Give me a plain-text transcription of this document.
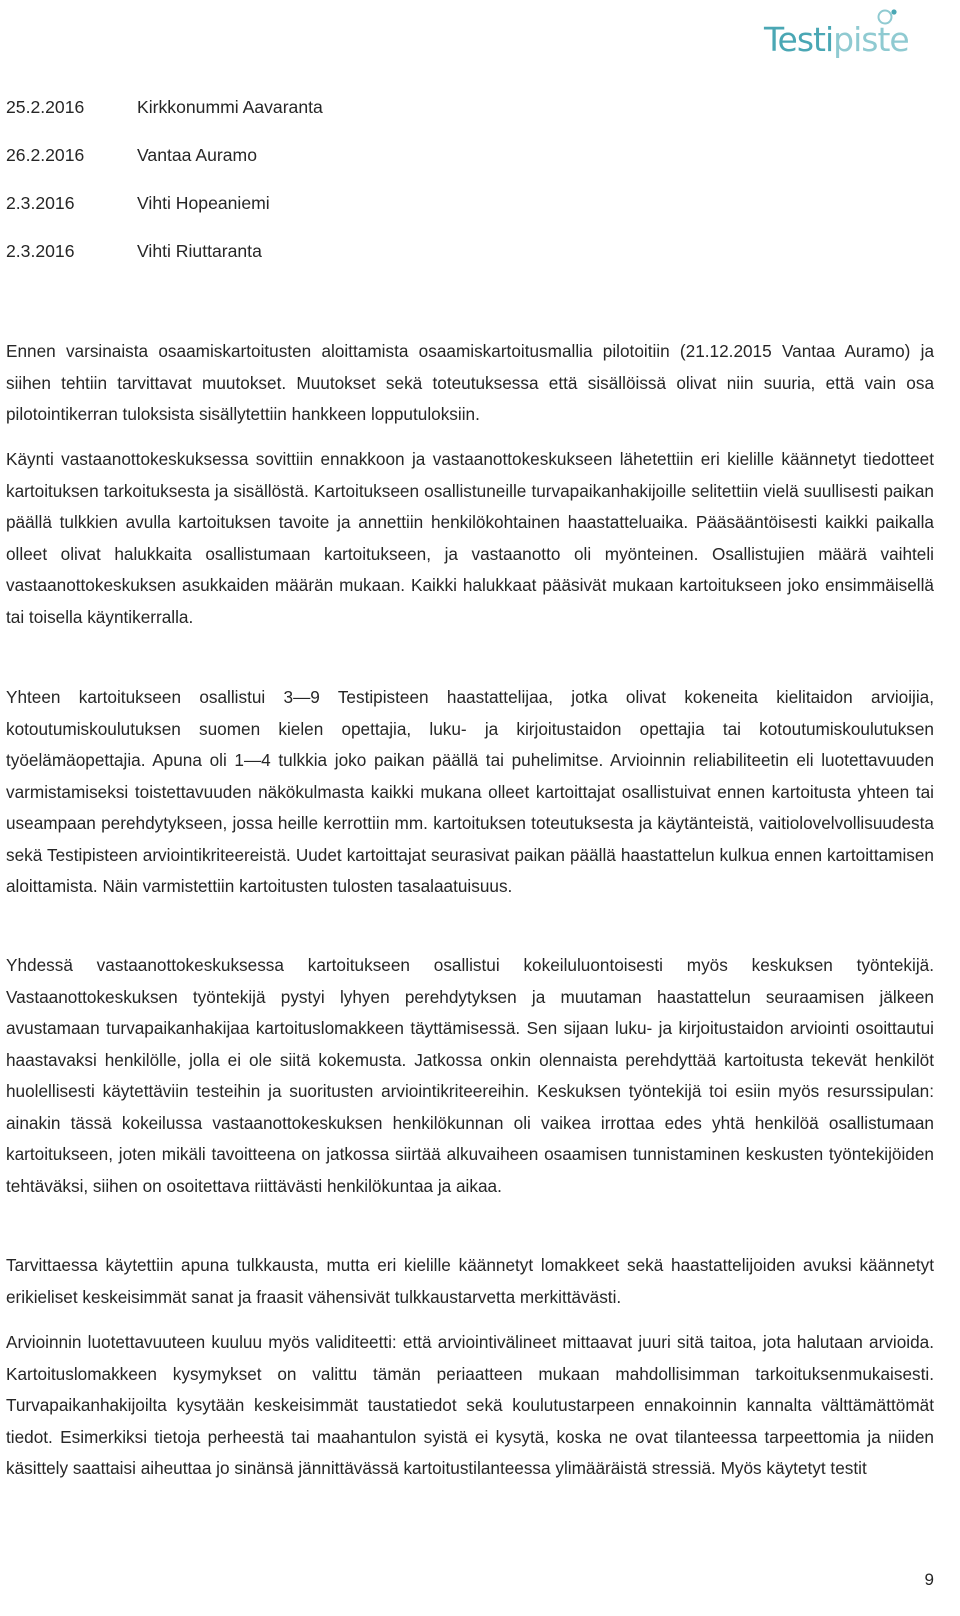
Testipiste
25.2.2016	Kirkkonummi Aavaranta
26.2.2016	Vantaa Auramo
2.3.2016	Vihti Hopeaniemi
2.3.2016	Vihti Riuttaranta

Ennen varsinaista osaamiskartoitusten aloittamista osaamiskartoitusmallia pilotoitiin (21.12.2015 Vantaa Auramo) ja siihen tehtiin tarvittavat muutokset. Muutokset sekä toteutuksessa että sisällöissä olivat niin suuria, että vain osa pilotointikerran tuloksista sisällytettiin hankkeen lopputuloksiin.

Käynti vastaanottokeskuksessa sovittiin ennakkoon ja vastaanottokeskukseen lähetettiin eri kielille käännetyt tiedotteet kartoituksen tarkoituksesta ja sisällöstä. Kartoitukseen osallistuneille turvapaikanhakijoille selitettiin vielä suullisesti paikan päällä tulkkien avulla kartoituksen tavoite ja annettiin henkilökohtainen haastatteluaika. Pääsääntöisesti kaikki paikalla olleet olivat halukkaita osallistumaan kartoitukseen, ja vastaanotto oli myönteinen. Osallistujien määrä vaihteli vastaanottokeskuksen asukkaiden määrän mukaan. Kaikki halukkaat pääsivät mukaan kartoitukseen joko ensimmäisellä tai toisella käyntikerralla.

Yhteen kartoitukseen osallistui 3—9 Testipisteen haastattelijaa, jotka olivat kokeneita kielitaidon arvioijia, kotoutumiskoulutuksen suomen kielen opettajia, luku- ja kirjoitustaidon opettajia tai kotoutumiskoulutuksen työelämäopettajia. Apuna oli 1—4 tulkkia joko paikan päällä tai puhelimitse. Arvioinnin reliabiliteetin eli luotettavuuden varmistamiseksi toistettavuuden näkökulmasta kaikki mukana olleet kartoittajat osallistuivat ennen kartoitusta yhteen tai useampaan perehdytykseen, jossa heille kerrottiin mm. kartoituksen toteutuksesta ja käytänteistä, vaitiolovelvollisuudesta sekä Testipisteen arviointikriteereistä. Uudet kartoittajat seurasivat paikan päällä haastattelun kulkua ennen kartoittamisen aloittamista. Näin varmistettiin kartoitusten tulosten tasalaatuisuus.

Yhdessä vastaanottokeskuksessa kartoitukseen osallistui kokeiluluontoisesti myös keskuksen työntekijä. Vastaanottokeskuksen työntekijä pystyi lyhyen perehdytyksen ja muutaman haastattelun seuraamisen jälkeen avustamaan turvapaikanhakijaa kartoituslomakkeen täyttämisessä. Sen sijaan luku- ja kirjoitustaidon arviointi osoittautui haastavaksi henkilölle, jolla ei ole siitä kokemusta. Jatkossa onkin olennaista perehdyttää kartoitusta tekevät henkilöt huolellisesti käytettäviin testeihin ja suoritusten arviointikriteereihin. Keskuksen työntekijä toi esiin myös resurssipulan: ainakin tässä kokeilussa vastaanottokeskuksen henkilökunnan oli vaikea irrottaa edes yhtä henkilöä osallistumaan kartoitukseen, joten mikäli tavoitteena on jatkossa siirtää alkuvaiheen osaamisen tunnistaminen keskusten työntekijöiden tehtäväksi, siihen on osoitettava riittävästi henkilökuntaa ja aikaa.

Tarvittaessa käytettiin apuna tulkkausta, mutta eri kielille käännetyt lomakkeet sekä haastattelijoiden avuksi käännetyt erikieliset keskeisimmät sanat ja fraasit vähensivät tulkkaustarvetta merkittävästi.

Arvioinnin luotettavuuteen kuuluu myös validiteetti: että arviointivälineet mittaavat juuri sitä taitoa, jota halutaan arvioida. Kartoituslomakkeen kysymykset on valittu tämän periaatteen mukaan mahdollisimman tarkoituksenmukaisesti. Turvapaikanhakijoilta kysytään keskeisimmät taustatiedot sekä koulutustarpeen ennakoinnin kannalta välttämättömät tiedot. Esimerkiksi tietoja perheestä tai maahantulon syistä ei kysytä, koska ne ovat tilanteessa tarpeettomia ja niiden käsittely saattaisi aiheuttaa jo sinänsä jännittävässä kartoitustilanteessa ylimääräistä stressiä. Myös käytetyt testit

9
